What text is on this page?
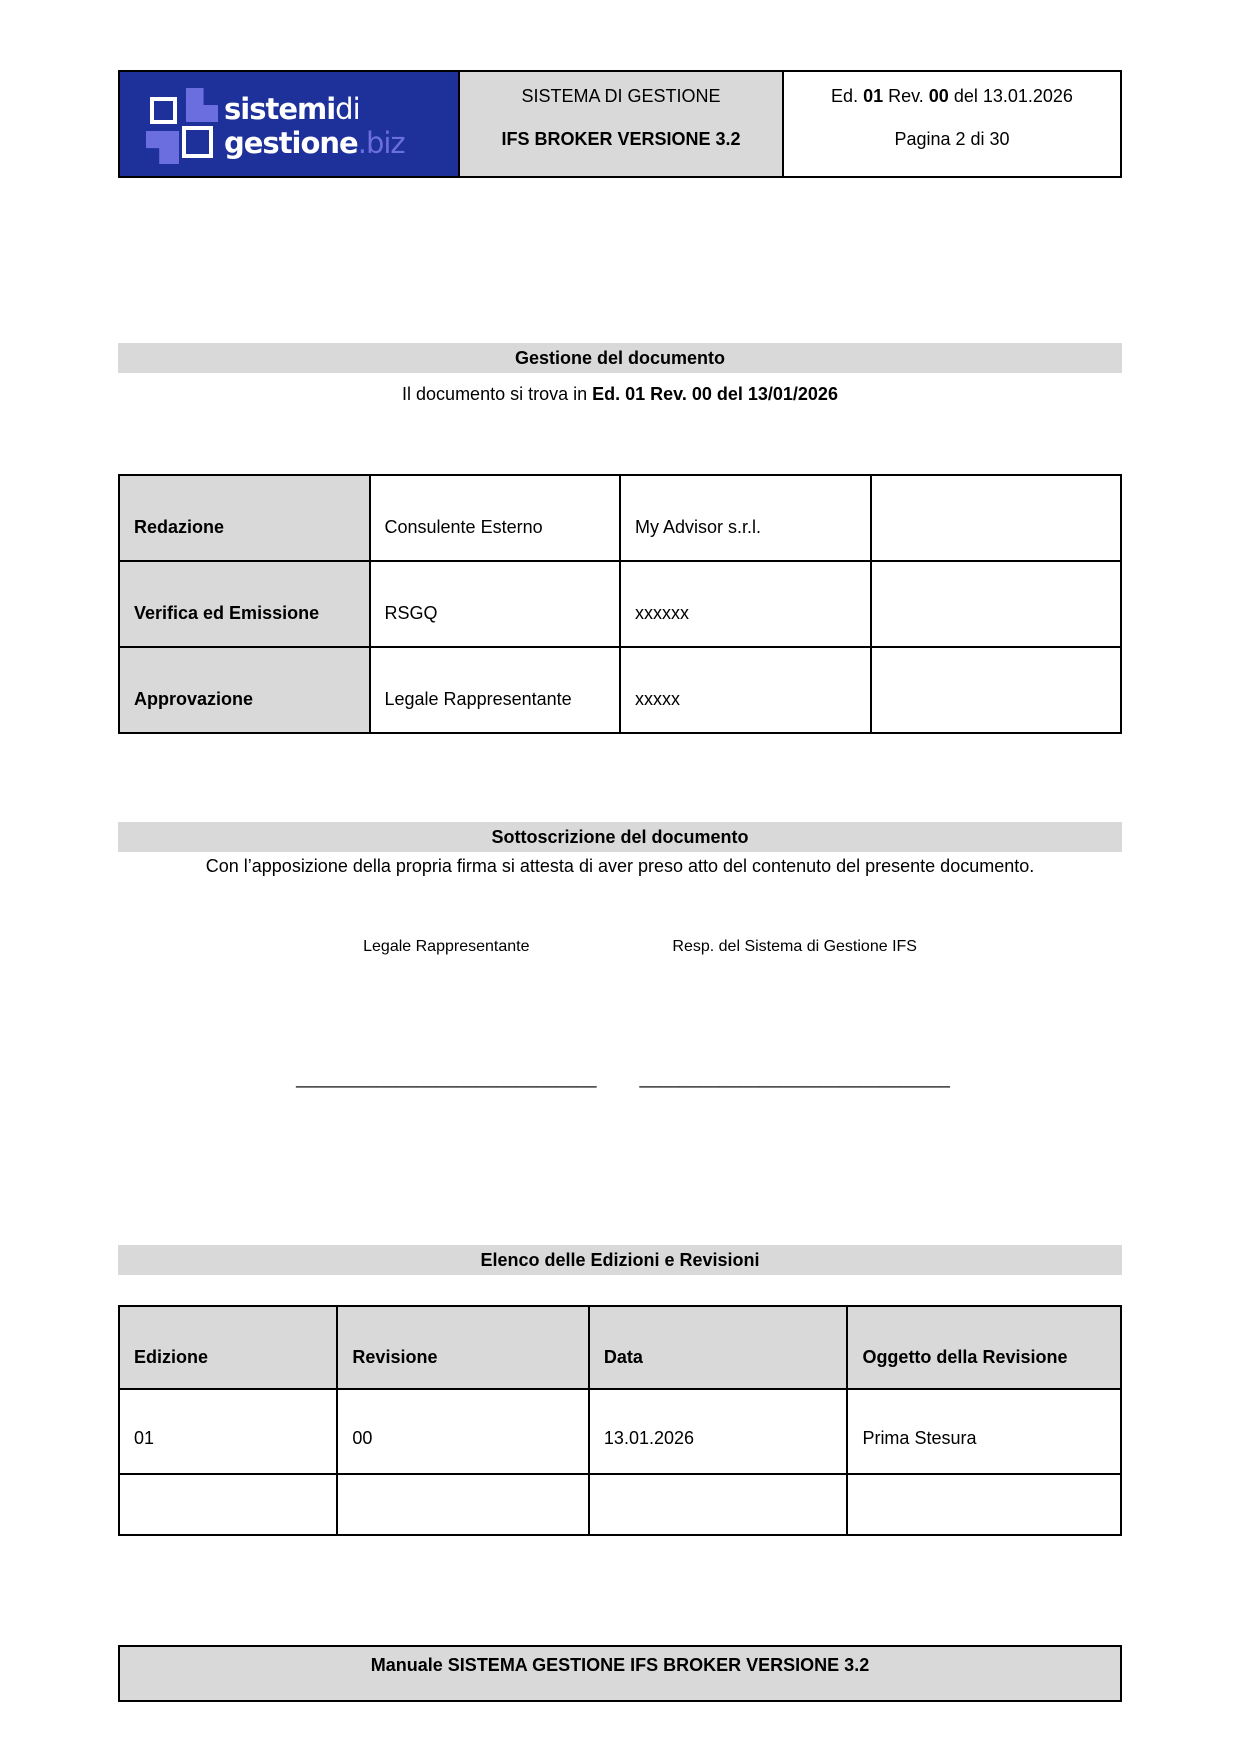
sistemidi
gestione.biz
SISTEMA DI GESTIONE
IFS BROKER VERSIONE 3.2
Ed. 01 Rev. 00 del 13.01.2026
Pagina 2 di 30
Gestione del documento
Il documento si trova in Ed. 01 Rev. 00 del 13/01/2026
Redazione	Consulente Esterno	My Advisor s.r.l.	
Verifica ed Emissione	RSGQ	xxxxxx	
Approvazione	Legale Rappresentante	xxxxx	
Sottoscrizione del documento
Con l’apposizione della propria firma si attesta di aver preso atto del contenuto del presente documento.
Legale Rappresentante	Resp. del Sistema di Gestione IFS
______________________________ _______________________________
Elenco delle Edizioni e Revisioni
Edizione	Revisione	Data	Oggetto della Revisione
01	00	13.01.2026	Prima Stesura

Manuale SISTEMA GESTIONE IFS BROKER VERSIONE 3.2
